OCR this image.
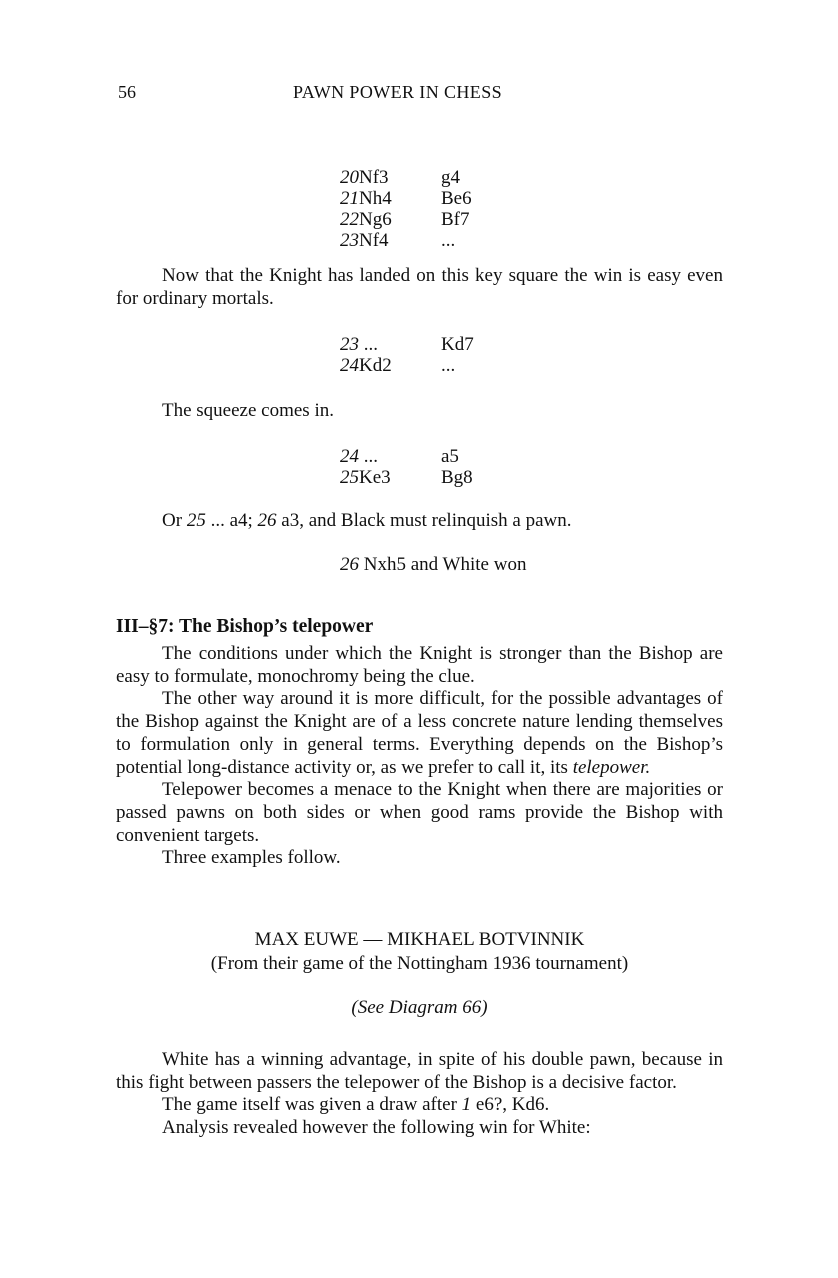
56	PAWN POWER IN CHESS
20Nf3	g4
21Nh4	Be6
22Ng6	Bf7
23Nf4	...

Now that the Knight has landed on this key square the win is easy even for ordinary mortals.

23 ...	Kd7
24Kd2	...

The squeeze comes in.

24 ...	a5
25Ke3	Bg8

Or 25 ... a4; 26 a3, and Black must relinquish a pawn.

26 Nxh5 and White won
III–§7: The Bishop’s telepower

The conditions under which the Knight is stronger than the Bishop are easy to formulate, monochromy being the clue.

The other way around it is more difficult, for the possible advantages of the Bishop against the Knight are of a less concrete nature lending themselves to formulation only in general terms. Everything depends on the Bishop’s potential long-distance activity or, as we prefer to call it, its telepower.

Telepower becomes a menace to the Knight when there are majorities or passed pawns on both sides or when good rams provide the Bishop with convenient targets.

Three examples follow.

MAX EUWE — MIKHAEL BOTVINNIK
(From their game of the Nottingham 1936 tournament)
(See Diagram 66)

White has a winning advantage, in spite of his double pawn, because in this fight between passers the telepower of the Bishop is a decisive factor.

The game itself was given a draw after 1 e6?, Kd6.

Analysis revealed however the following win for White:
